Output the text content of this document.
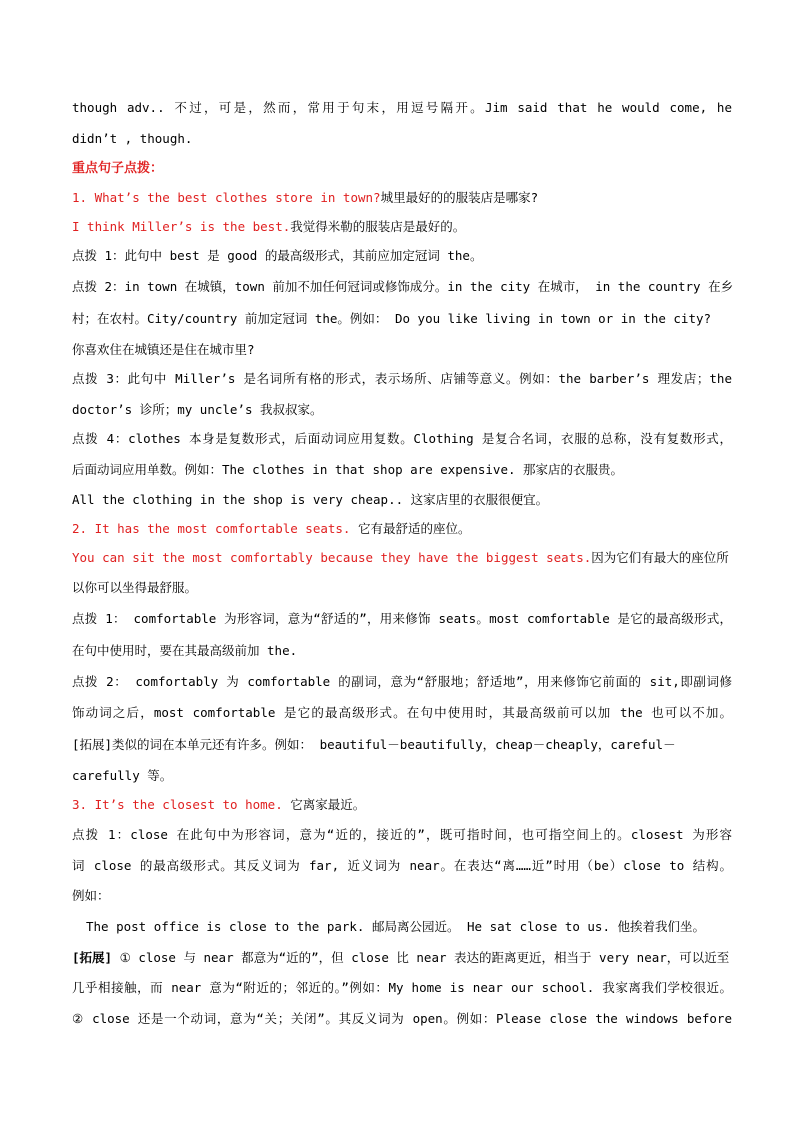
though adv.. 不过，可是，然而，常用于句末，用逗号隔开。Jim said that he would come, he
didn’t , though.
重点句子点拨：
1. What’s the best clothes store in town?城里最好的的服装店是哪家?
I think Miller’s is the best.我觉得米勒的服装店是最好的。
点拨 1：此句中 best 是 good 的最高级形式，其前应加定冠词 the。
点拨 2：in town 在城镇，town 前加不加任何冠词或修饰成分。in the city 在城市， in the country 在乡
村；在农村。City/country 前加定冠词 the。例如： Do you like living in town or in the city?
你喜欢住在城镇还是住在城市里?
点拨 3：此句中 Miller’s 是名词所有格的形式，表示场所、店铺等意义。例如：the barber’s 理发店；the
doctor’s 诊所；my uncle’s 我叔叔家。
点拨 4：clothes 本身是复数形式，后面动词应用复数。Clothing 是复合名词，衣服的总称，没有复数形式，
后面动词应用单数。例如：The clothes in that shop are expensive. 那家店的衣服贵。
All the clothing in the shop is very cheap.. 这家店里的衣服很便宜。
2. It has the most comfortable seats. 它有最舒适的座位。
You can sit the most comfortably because they have the biggest seats.因为它们有最大的座位所
以你可以坐得最舒服。
点拨 1： comfortable 为形容词，意为“舒适的”，用来修饰 seats。most comfortable 是它的最高级形式，
在句中使用时，要在其最高级前加 the.
点拨 2： comfortably 为 comfortable 的副词，意为“舒服地；舒适地”，用来修饰它前面的 sit,即副词修
饰动词之后，most comfortable 是它的最高级形式。在句中使用时，其最高级前可以加 the 也可以不加。
[拓展]类似的词在本单元还有许多。例如： beautiful－beautifully，cheap－cheaply，careful－
carefully 等。
3. It’s the closest to home. 它离家最近。
点拨 1：close 在此句中为形容词，意为“近的，接近的”，既可指时间，也可指空间上的。closest 为形容
词 close 的最高级形式。其反义词为 far, 近义词为 near。在表达“离……近”时用（be）close to 结构。
例如：
The post office is close to the park. 邮局离公园近。 He sat close to us. 他挨着我们坐。
[拓展] ① close 与 near 都意为“近的”，但 close 比 near 表达的距离更近，相当于 very near，可以近至
几乎相接触，而 near 意为“附近的；邻近的。”例如：My home is near our school. 我家离我们学校很近。
② close 还是一个动词，意为“关；关闭”。其反义词为 open。例如：Please close the windows before
